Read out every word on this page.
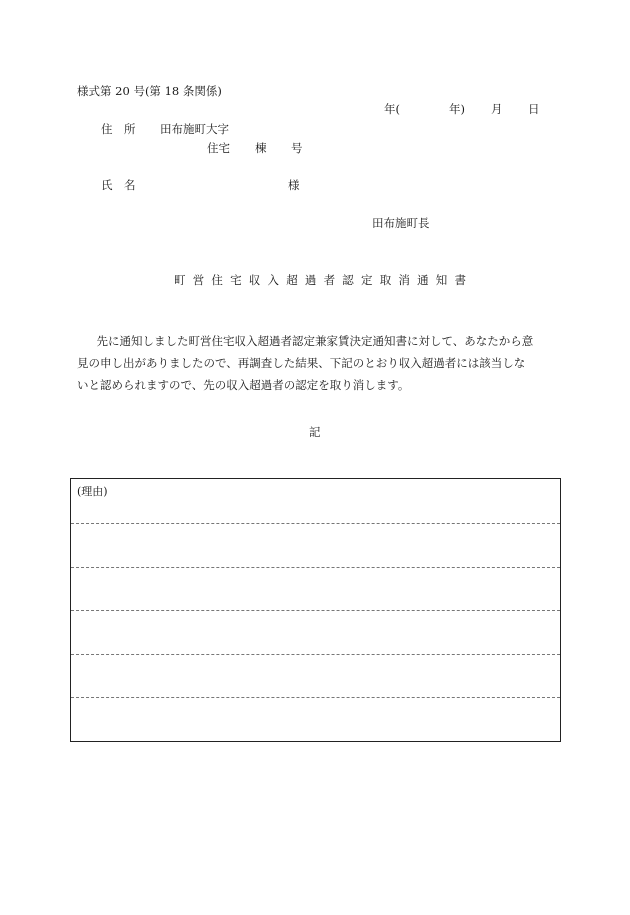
様式第 20 号(第 18 条関係)
年(	年) 月 日
住　所 田布施町大字
住宅 棟 号
氏　名	様
田布施町長
町営住宅収入超過者認定取消通知書

　先に通知しました町営住宅収入超過者認定兼家賃決定通知書に対して、あなたから意

見の申し出がありましたので、再調査した結果、下記のとおり収入超過者には該当しな

いと認められますので、先の収入超過者の認定を取り消します。

記
(理由)
